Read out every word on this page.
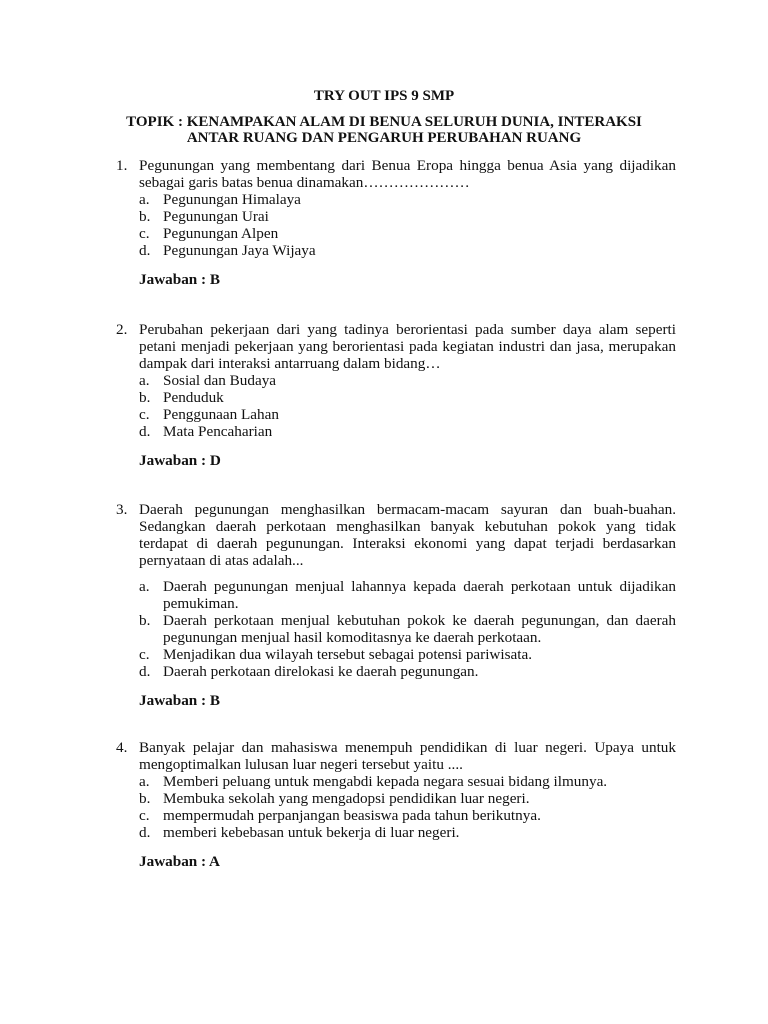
TRY OUT IPS 9 SMP
TOPIK : KENAMPAKAN ALAM DI BENUA SELURUH DUNIA, INTERAKSI
ANTAR RUANG DAN PENGARUH PERUBAHAN RUANG
1. Pegunungan yang membentang dari Benua Eropa hingga benua Asia yang dijadikan sebagai garis batas benua dinamakan…………………
a. Pegunungan Himalaya
b. Pegunungan Urai
c. Pegunungan Alpen
d. Pegunungan Jaya Wijaya
Jawaban : B
2. Perubahan pekerjaan dari yang tadinya berorientasi pada sumber daya alam seperti petani menjadi pekerjaan yang berorientasi pada kegiatan industri dan jasa, merupakan dampak dari interaksi antarruang dalam bidang…
a. Sosial dan Budaya
b. Penduduk
c. Penggunaan Lahan
d. Mata Pencaharian
Jawaban : D
3. Daerah pegunungan menghasilkan bermacam-macam sayuran dan buah-buahan. Sedangkan daerah perkotaan menghasilkan banyak kebutuhan pokok yang tidak terdapat di daerah pegunungan. Interaksi ekonomi yang dapat terjadi berdasarkan pernyataan di atas adalah...
a. Daerah pegunungan menjual lahannya kepada daerah perkotaan untuk dijadikan pemukiman.
b. Daerah perkotaan menjual kebutuhan pokok ke daerah pegunungan, dan daerah pegunungan menjual hasil komoditasnya ke daerah perkotaan.
c. Menjadikan dua wilayah tersebut sebagai potensi pariwisata.
d. Daerah perkotaan direlokasi ke daerah pegunungan.
Jawaban : B
4. Banyak pelajar dan mahasiswa menempuh pendidikan di luar negeri. Upaya untuk mengoptimalkan lulusan luar negeri tersebut yaitu ....
a. Memberi peluang untuk mengabdi kepada negara sesuai bidang ilmunya.
b. Membuka sekolah yang mengadopsi pendidikan luar negeri.
c. mempermudah perpanjangan beasiswa pada tahun berikutnya.
d. memberi kebebasan untuk bekerja di luar negeri.
Jawaban : A
